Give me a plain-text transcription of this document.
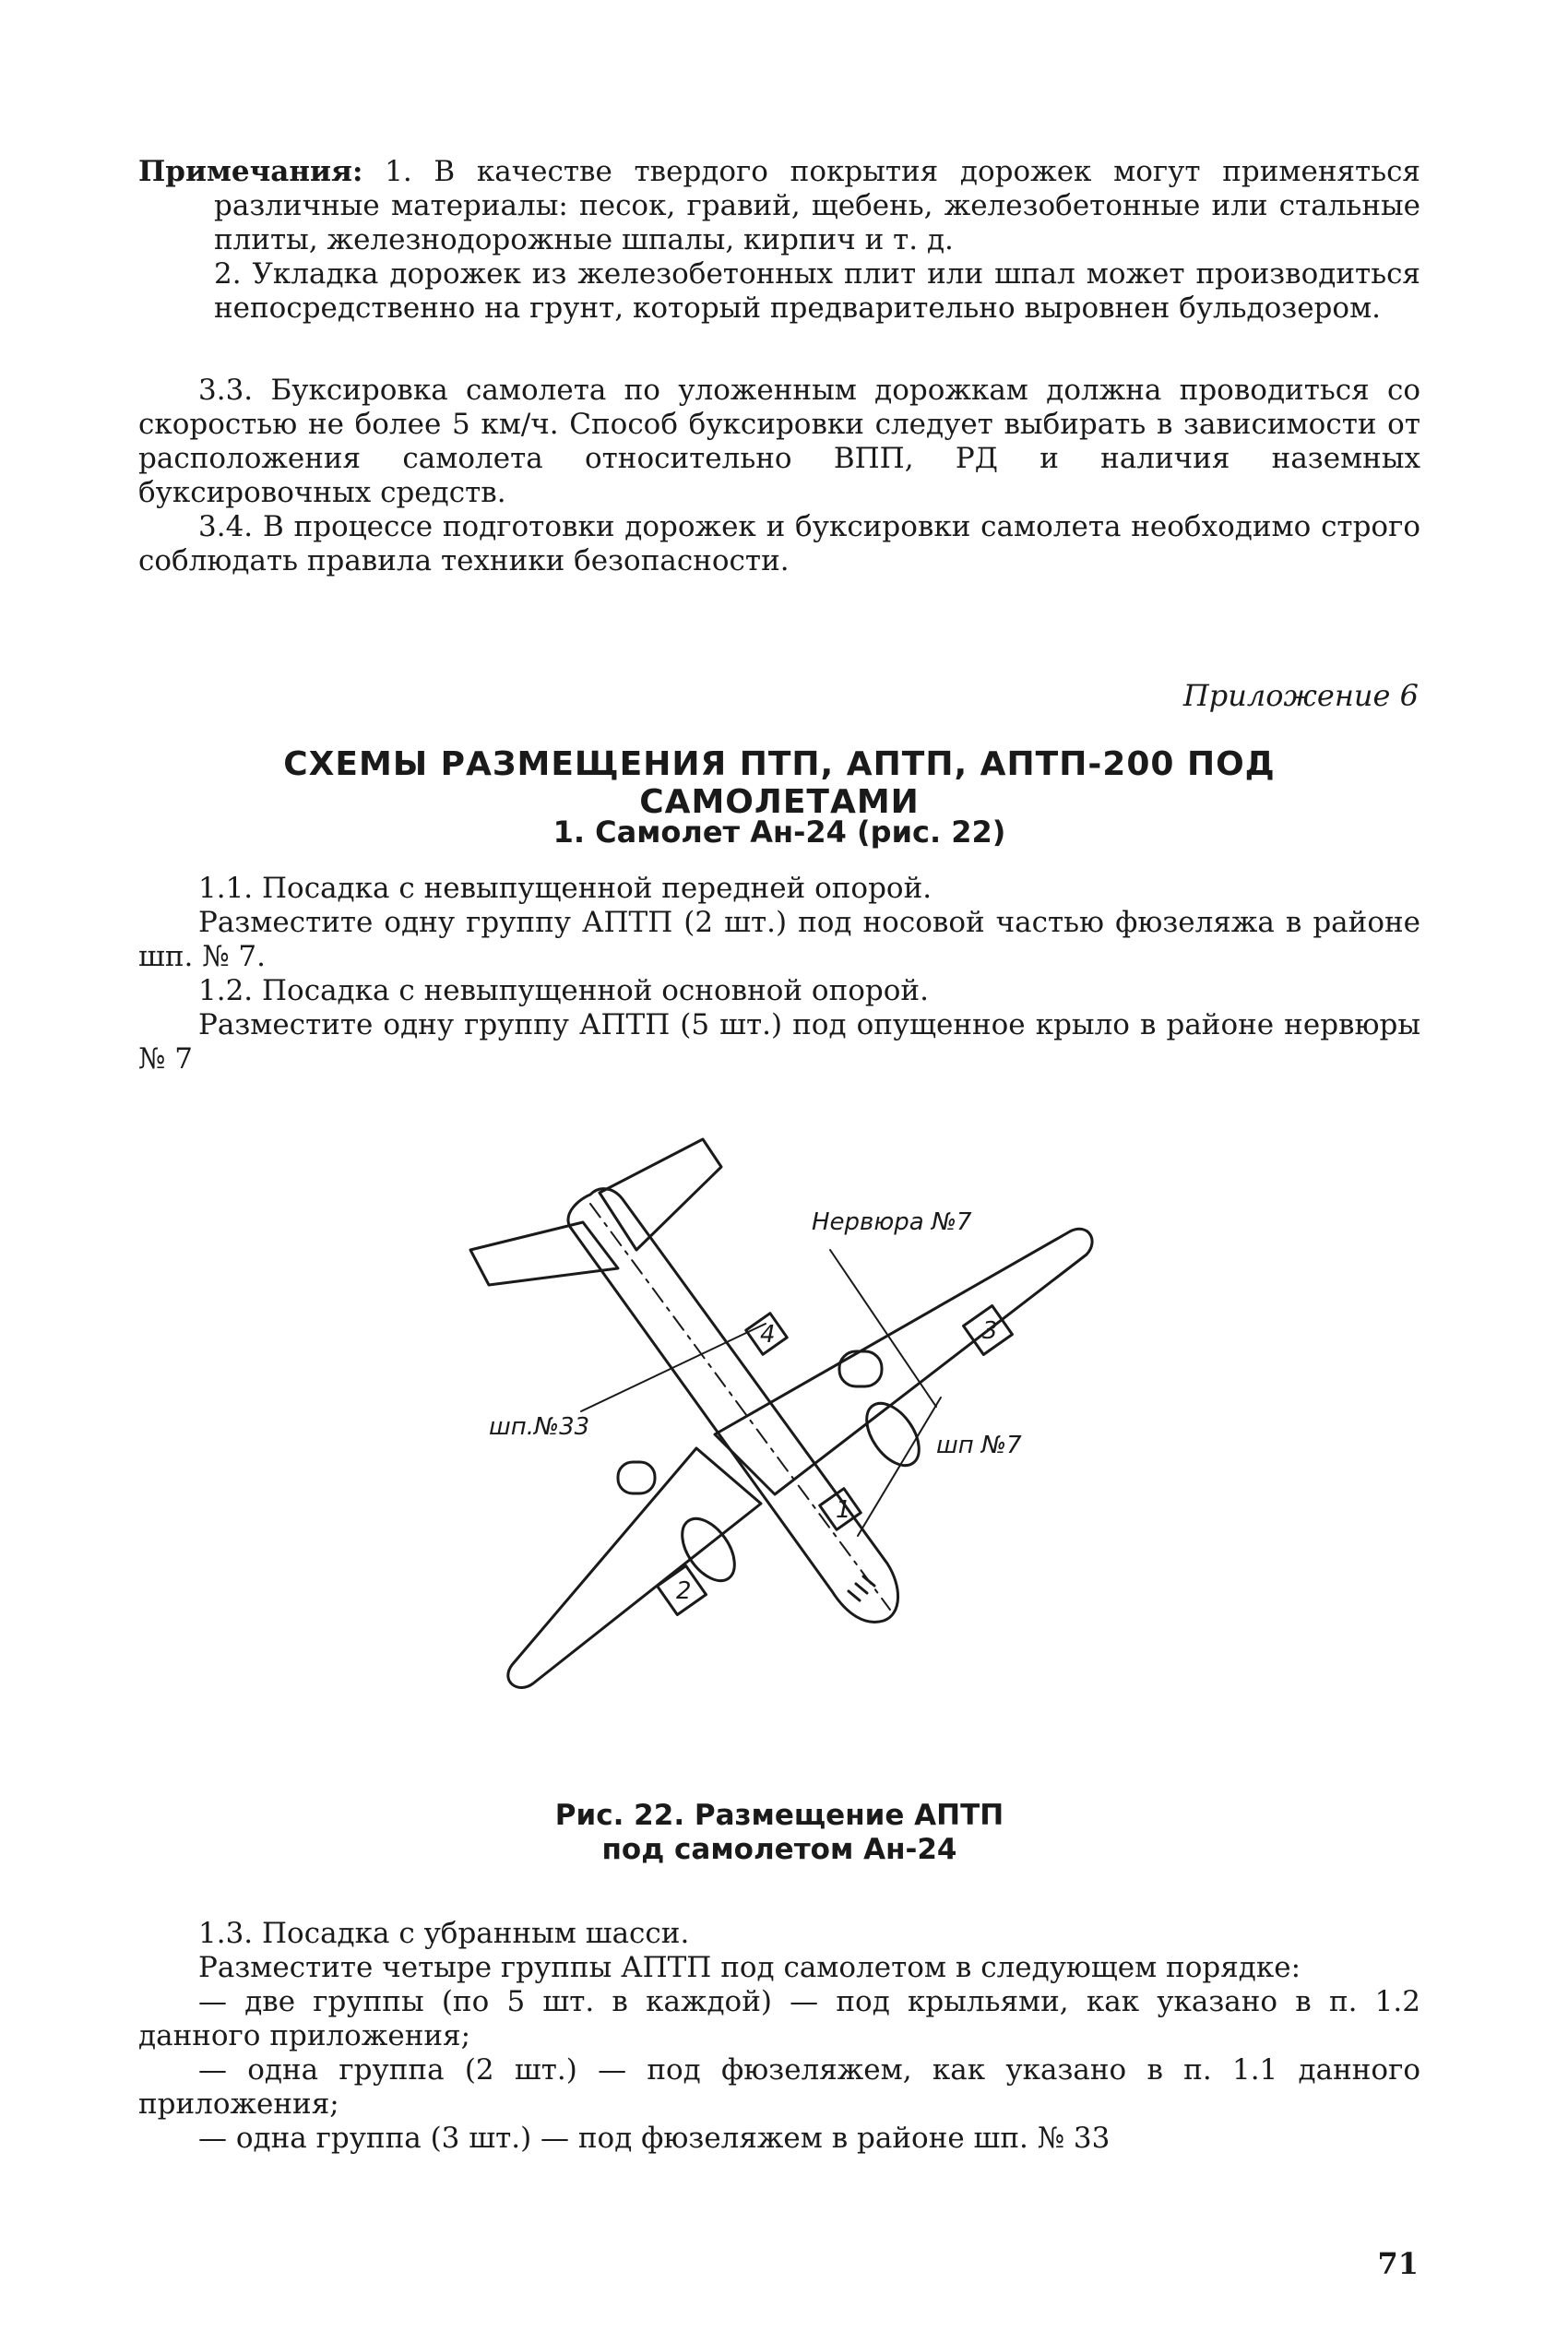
Примечания: 1. В качестве твердого покрытия дорожек могут применяться различные материалы: песок, гравий, щебень, железобетонные или стальные плиты, железнодорожные шпалы, кирпич и т. д.

2. Укладка дорожек из железобетонных плит или шпал может производиться непосредственно на грунт, который предварительно выровнен бульдозером.

3.3. Буксировка самолета по уложенным дорожкам должна проводиться со скоростью не более 5 км/ч. Способ буксировки следует выбирать в зависимости от расположения самолета относительно ВПП, РД и наличия наземных буксировочных средств.

3.4. В процессе подготовки дорожек и буксировки самолета необходимо строго соблюдать правила техники безопасности.

Приложение 6
СХЕМЫ РАЗМЕЩЕНИЯ ПТП, АПТП, АПТП-200 ПОД САМОЛЕТАМИ
1. Самолет Ан-24 (рис. 22)

1.1. Посадка с невыпущенной передней опорой.

Разместите одну группу АПТП (2 шт.) под носовой частью фюзеляжа в районе шп. № 7.

1.2. Посадка с невыпущенной основной опорой.

Разместите одну группу АПТП (5 шт.) под опущенное крыло в районе нервюры № 7

Нервюра №7
шп.№33
шп №7
4	3
2
1
Рис. 22. Размещение АПТП
под самолетом Ан-24

1.3. Посадка с убранным шасси.

Разместите четыре группы АПТП под самолетом в следующем порядке:

— две группы (по 5 шт. в каждой) — под крыльями, как указано в п. 1.2 данного приложения;

— одна группа (2 шт.) — под фюзеляжем, как указано в п. 1.1 данного приложения;

— одна группа (3 шт.) — под фюзеляжем в районе шп. № 33

71
